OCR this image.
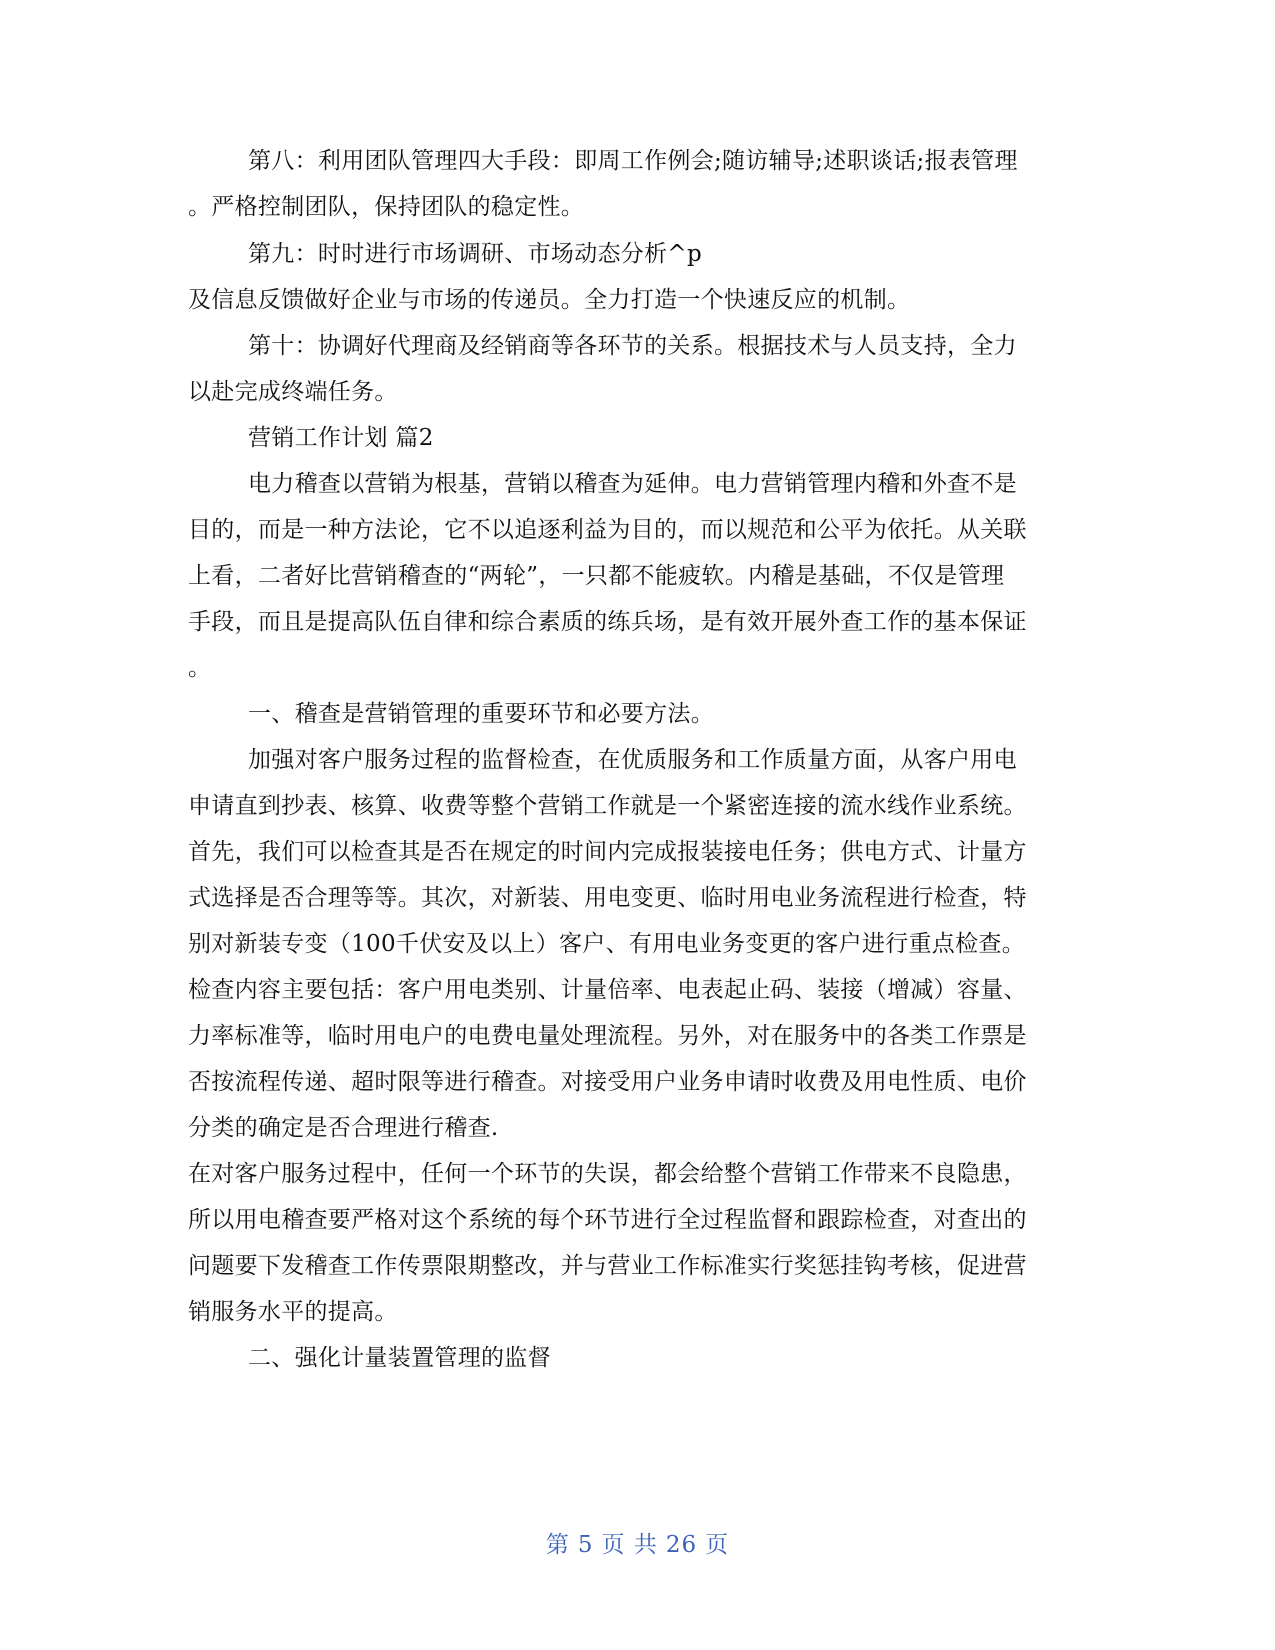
第八：利用团队管理四大手段：即周工作例会;随访辅导;述职谈话;报表管理
。严格控制团队，保持团队的稳定性。
第九：时时进行市场调研、市场动态分析^p
及信息反馈做好企业与市场的传递员。全力打造一个快速反应的机制。
第十：协调好代理商及经销商等各环节的关系。根据技术与人员支持，全力
以赴完成终端任务。
营销工作计划 篇2
电力稽查以营销为根基，营销以稽查为延伸。电力营销管理内稽和外查不是
目的，而是一种方法论，它不以追逐利益为目的，而以规范和公平为依托。从关联
上看，二者好比营销稽查的“两轮”，一只都不能疲软。内稽是基础，不仅是管理
手段，而且是提高队伍自律和综合素质的练兵场，是有效开展外查工作的基本保证
。
一、稽查是营销管理的重要环节和必要方法。
加强对客户服务过程的监督检查，在优质服务和工作质量方面，从客户用电
申请直到抄表、核算、收费等整个营销工作就是一个紧密连接的流水线作业系统。
首先，我们可以检查其是否在规定的时间内完成报装接电任务；供电方式、计量方
式选择是否合理等等。其次，对新装、用电变更、临时用电业务流程进行检查，特
别对新装专变（100千伏安及以上）客户、有用电业务变更的客户进行重点检查。
检查内容主要包括：客户用电类别、计量倍率、电表起止码、装接（增减）容量、
力率标准等，临时用电户的电费电量处理流程。另外，对在服务中的各类工作票是
否按流程传递、超时限等进行稽查。对接受用户业务申请时收费及用电性质、电价
分类的确定是否合理进行稽查.
在对客户服务过程中，任何一个环节的失误，都会给整个营销工作带来不良隐患，
所以用电稽查要严格对这个系统的每个环节进行全过程监督和跟踪检查，对查出的
问题要下发稽查工作传票限期整改，并与营业工作标准实行奖惩挂钩考核，促进营
销服务水平的提高。
二、强化计量装置管理的监督
第 5 页 共 26 页
